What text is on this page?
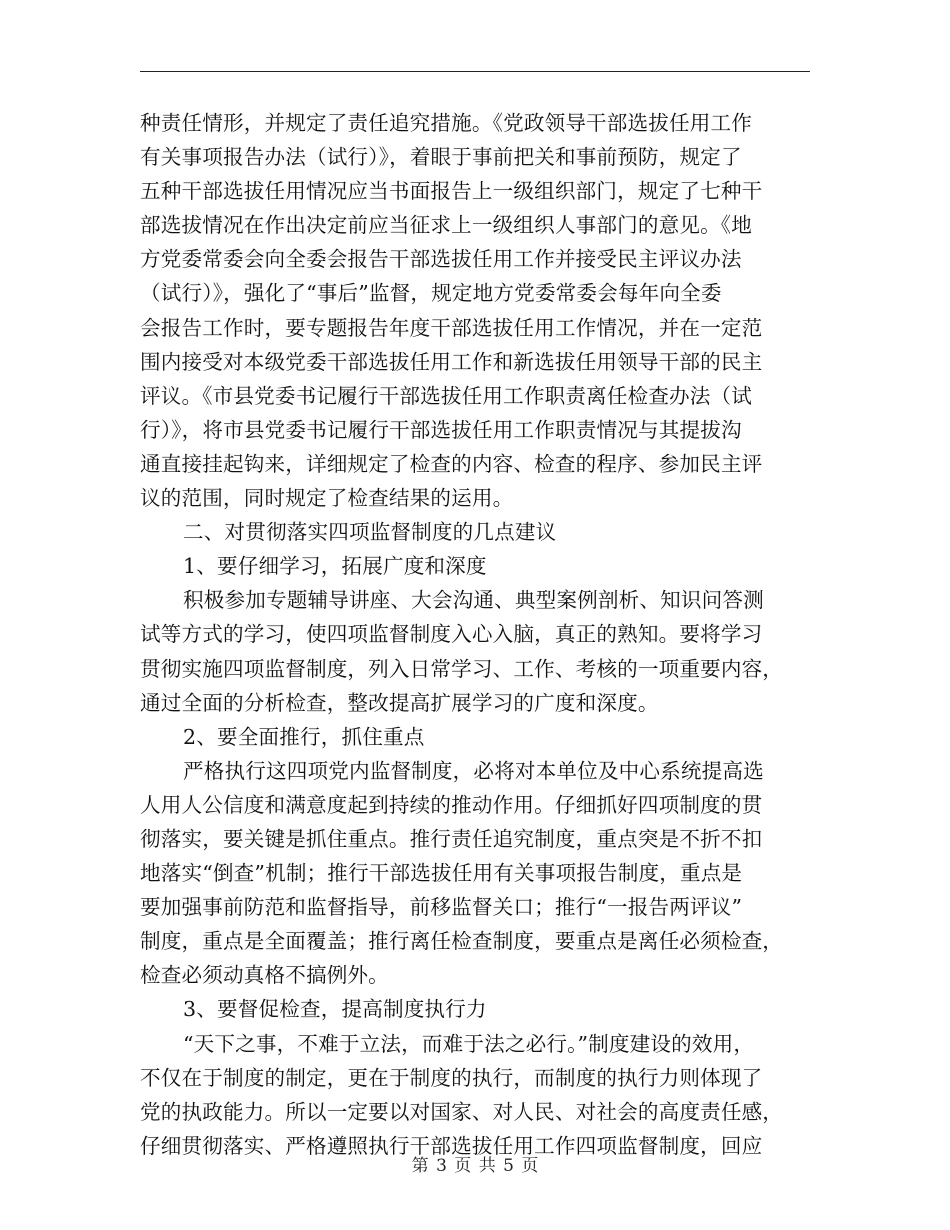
种责任情形，并规定了责任追究措施。《党政领导干部选拔任用工作
有关事项报告办法（试行）》，着眼于事前把关和事前预防，规定了
五种干部选拔任用情况应当书面报告上一级组织部门，规定了七种干
部选拔情况在作出决定前应当征求上一级组织人事部门的意见。《地
方党委常委会向全委会报告干部选拔任用工作并接受民主评议办法
（试行）》，强化了“事后”监督，规定地方党委常委会每年向全委
会报告工作时，要专题报告年度干部选拔任用工作情况，并在一定范
围内接受对本级党委干部选拔任用工作和新选拔任用领导干部的民主
评议。《市县党委书记履行干部选拔任用工作职责离任检查办法（试
行）》，将市县党委书记履行干部选拔任用工作职责情况与其提拔沟
通直接挂起钩来，详细规定了检查的内容、检查的程序、参加民主评
议的范围，同时规定了检查结果的运用。
二、对贯彻落实四项监督制度的几点建议
1、要仔细学习，拓展广度和深度
积极参加专题辅导讲座、大会沟通、典型案例剖析、知识问答测
试等方式的学习，使四项监督制度入心入脑，真正的熟知。要将学习
贯彻实施四项监督制度，列入日常学习、工作、考核的一项重要内容，
通过全面的分析检查，整改提高扩展学习的广度和深度。
2、要全面推行，抓住重点
严格执行这四项党内监督制度，必将对本单位及中心系统提高选
人用人公信度和满意度起到持续的推动作用。仔细抓好四项制度的贯
彻落实，要关键是抓住重点。推行责任追究制度，重点突是不折不扣
地落实“倒查”机制；推行干部选拔任用有关事项报告制度，重点是
要加强事前防范和监督指导，前移监督关口；推行“一报告两评议”
制度，重点是全面覆盖；推行离任检查制度，要重点是离任必须检查，
检查必须动真格不搞例外。
3、要督促检查，提高制度执行力
“天下之事，不难于立法，而难于法之必行。”制度建设的效用，
不仅在于制度的制定，更在于制度的执行，而制度的执行力则体现了
党的执政能力。所以一定要以对国家、对人民、对社会的高度责任感，
仔细贯彻落实、严格遵照执行干部选拔任用工作四项监督制度，回应
第 3 页 共 5 页
